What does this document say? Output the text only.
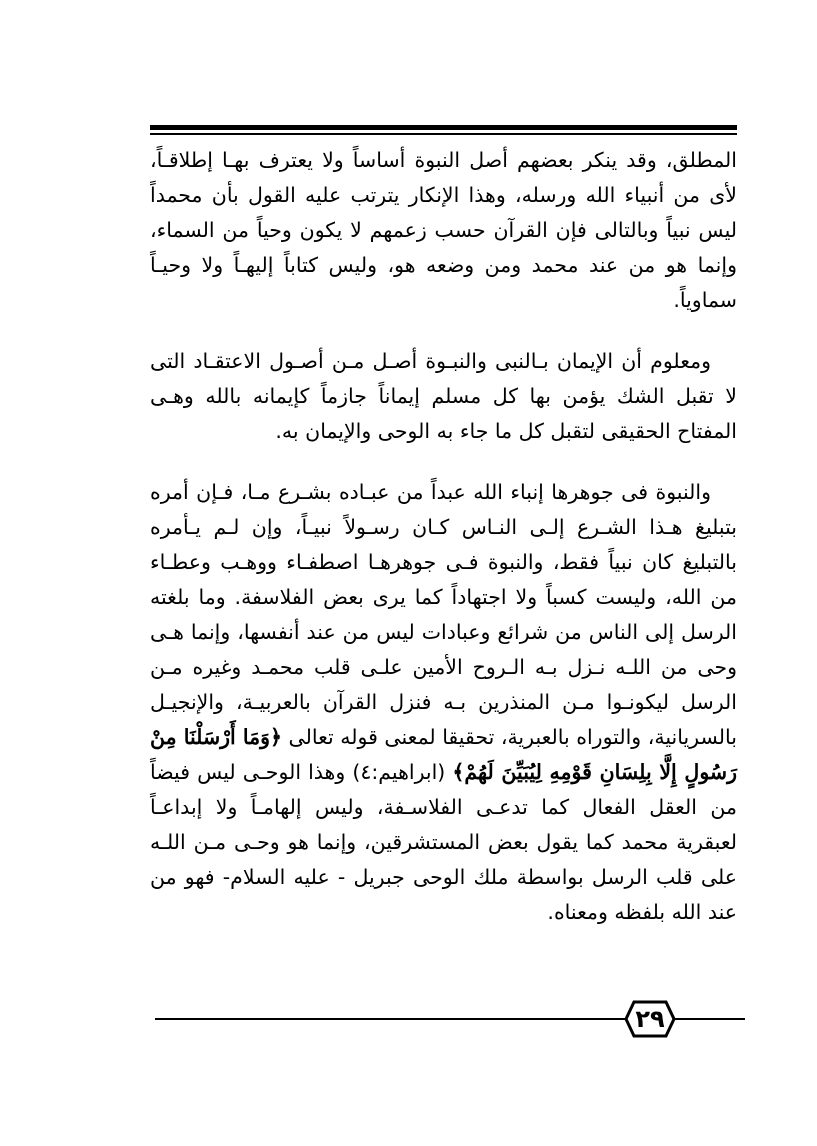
المطلق، وقد ينكر بعضهم أصل النبوة أساساً ولا يعترف بهـا إطلاقـاً، لأى من أنبياء الله ورسله، وهذا الإنكار يترتب عليه القول بأن محمداً ليس نبياً وبالتالى فإن القرآن حسب زعمهم لا يكون وحياً من السماء، وإنما هو من عند محمد ومن وضعه هو، وليس كتاباً إليهـاً ولا وحيـاً سماوياً.

ومعلوم أن الإيمان بـالنبى والنبـوة أصـل مـن أصـول الاعتقـاد التى لا تقبل الشك يؤمن بها كل مسلم إيماناً جازماً كإيمانه بالله وهـى المفتاح الحقيقى لتقبل كل ما جاء به الوحى والإيمان به.

والنبوة فى جوهرها إنباء الله عبداً من عبـاده بشـرع مـا، فـإن أمره بتبليغ هـذا الشـرع إلـى النـاس كـان رسـولاً نبيـاً، وإن لـم يـأمره بالتبليغ كان نبياً فقط، والنبوة فـى جوهرهـا اصطفـاء ووهـب وعطـاء من الله، وليست كسباً ولا اجتهاداً كما يرى بعض الفلاسفة. وما بلغته الرسل إلى الناس من شرائع وعبادات ليس من عند أنفسها، وإنما هـى وحى من اللـه نـزل بـه الـروح الأمين علـى قلب محمـد وغيره مـن الرسل ليكونـوا مـن المنذرين بـه فنزل القرآن بالعربيـة، والإنجيـل بالسريانية، والتوراه بالعبرية، تحقيقا لمعنى قوله تعالى ﴿وَمَا أَرْسَلْنَا مِنْ رَسُولٍ إِلَّا بِلِسَانِ قَوْمِهِ لِيُبَيِّنَ لَهُمْ﴾ (ابراهيم:٤) وهذا الوحـى ليس فيضاً من العقل الفعال كما تدعـى الفلاسـفة، وليس إلهامـاً ولا إبداعـاً لعبقرية محمد كما يقول بعض المستشرقين، وإنما هو وحـى مـن اللـه على قلب الرسل بواسطة ملك الوحى جبريل - عليه السلام- فهو من عند الله بلفظه ومعناه.

٢٩
